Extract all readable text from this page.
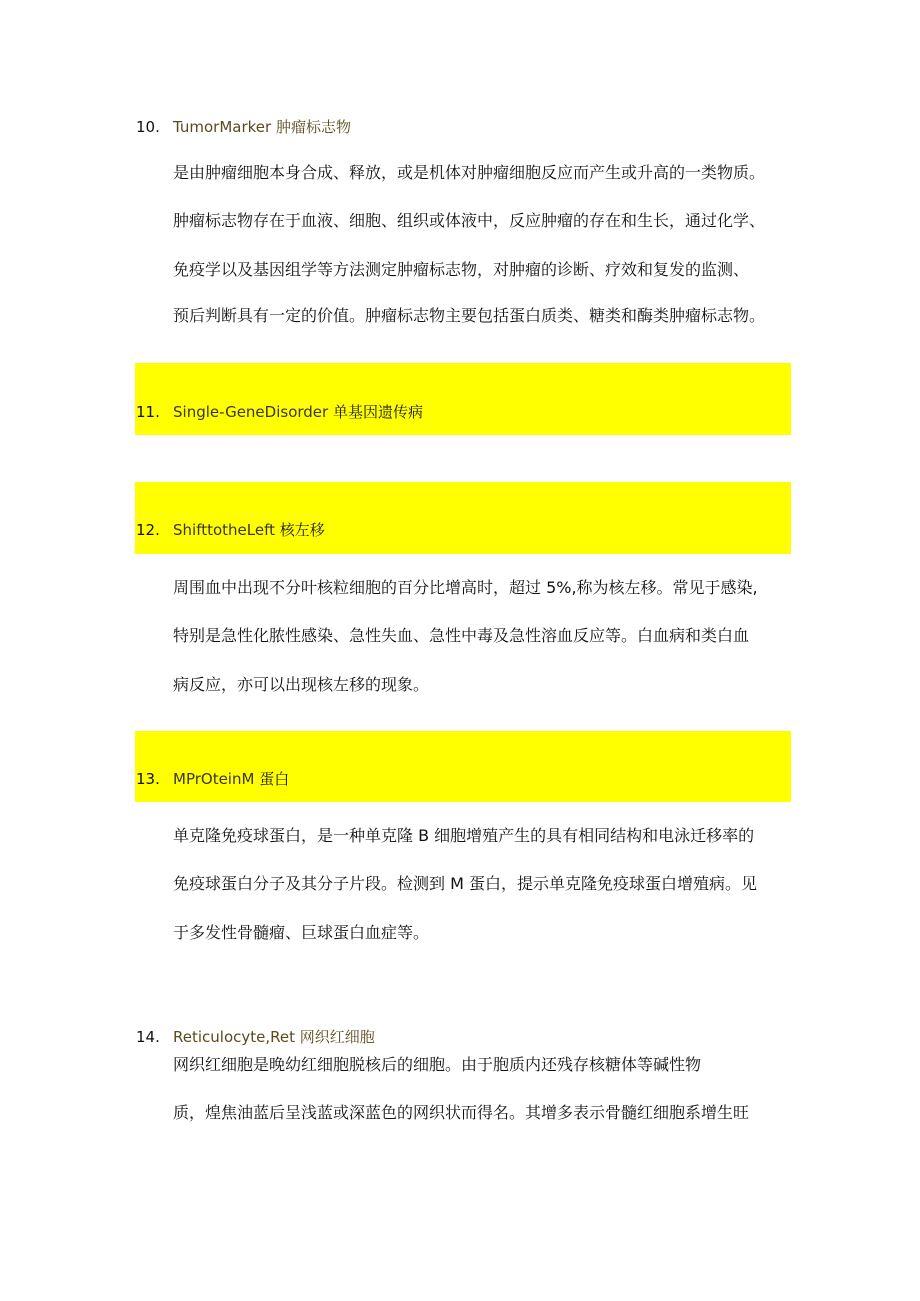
10. TumorMarker 肿瘤标志物
是由肿瘤细胞本身合成、释放，或是机体对肿瘤细胞反应而产生或升高的一类物质。
肿瘤标志物存在于血液、细胞、组织或体液中，反应肿瘤的存在和生长，通过化学、
免疫学以及基因组学等方法测定肿瘤标志物，对肿瘤的诊断、疗效和复发的监测、
预后判断具有一定的价值。肿瘤标志物主要包括蛋白质类、糖类和酶类肿瘤标志物。
11. Single-GeneDisorder 单基因遗传病
12. ShifttotheLeft 核左移
周围血中出现不分叶核粒细胞的百分比增高时，超过 5%,称为核左移。常见于感染,
特别是急性化脓性感染、急性失血、急性中毒及急性溶血反应等。白血病和类白血
病反应，亦可以出现核左移的现象。
13. MPrOteinM 蛋白
单克隆免疫球蛋白，是一种单克隆 B 细胞增殖产生的具有相同结构和电泳迁移率的
免疫球蛋白分子及其分子片段。检测到 M 蛋白，提示单克隆免疫球蛋白增殖病。见
于多发性骨髓瘤、巨球蛋白血症等。
14. Reticulocyte,Ret 网织红细胞
网织红细胞是晚幼红细胞脱核后的细胞。由于胞质内还残存核糖体等碱性物
质，煌焦油蓝后呈浅蓝或深蓝色的网织状而得名。其增多表示骨髓红细胞系增生旺
